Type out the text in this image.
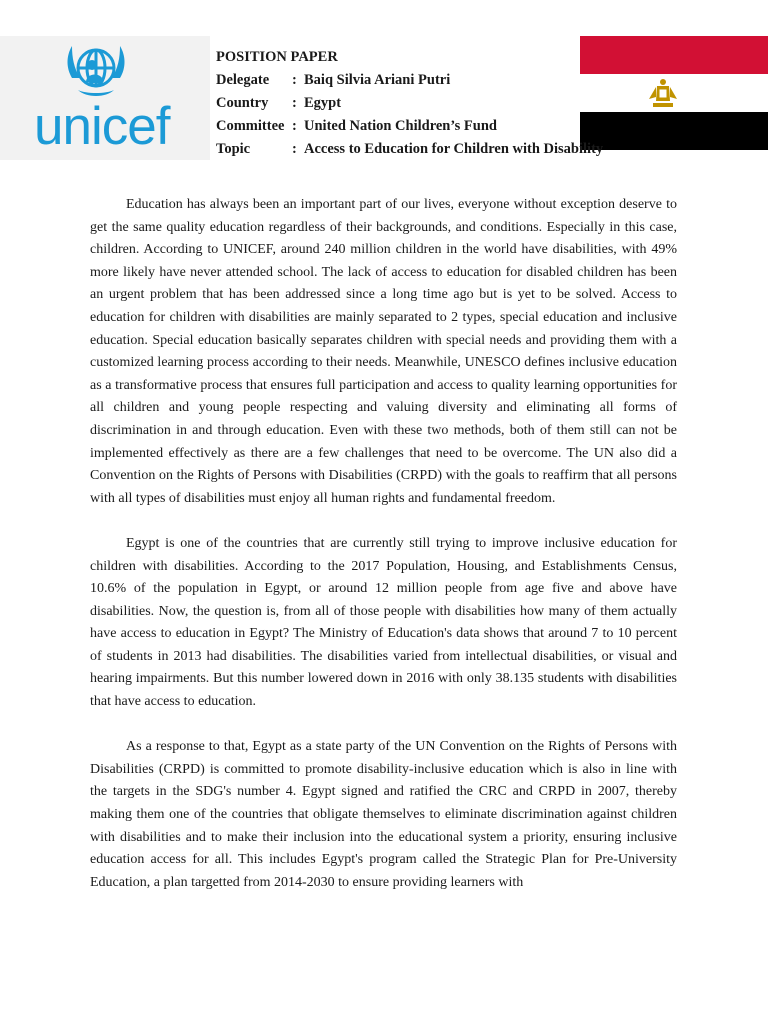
unicef
POSITION PAPER
Delegate	: Baiq Silvia Ariani Putri
Country	: Egypt
Committee : United Nation Children’s Fund
Topic	: Access to Education for Children with Disability

Education has always been an important part of our lives, everyone without exception deserve to get the same quality education regardless of their backgrounds, and conditions. Especially in this case, children. According to UNICEF, around 240 million children in the world have disabilities, with 49% more likely have never attended school. The lack of access to education for disabled children has been an urgent problem that has been addressed since a long time ago but is yet to be solved. Access to education for children with disabilities are mainly separated to 2 types, special education and inclusive education. Special education basically separates children with special needs and providing them with a customized learning process according to their needs. Meanwhile, UNESCO defines inclusive education as a transformative process that ensures full participation and access to quality learning opportunities for all children and young people respecting and valuing diversity and eliminating all forms of discrimination in and through education. Even with these two methods, both of them still can not be implemented effectively as there are a few challenges that need to be overcome. The UN also did a Convention on the Rights of Persons with Disabilities (CRPD) with the goals to reaffirm that all persons with all types of disabilities must enjoy all human rights and fundamental freedom.

Egypt is one of the countries that are currently still trying to improve inclusive education for children with disabilities. According to the 2017 Population, Housing, and Establishments Census, 10.6% of the population in Egypt, or around 12 million people from age five and above have disabilities. Now, the question is, from all of those people with disabilities how many of them actually have access to education in Egypt? The Ministry of Education's data shows that around 7 to 10 percent of students in 2013 had disabilities. The disabilities varied from intellectual disabilities, or visual and hearing impairments. But this number lowered down in 2016 with only 38.135 students with disabilities that have access to education.

As a response to that, Egypt as a state party of the UN Convention on the Rights of Persons with Disabilities (CRPD) is committed to promote disability-inclusive education which is also in line with the targets in the SDG's number 4. Egypt signed and ratified the CRC and CRPD in 2007, thereby making them one of the countries that obligate themselves to eliminate discrimination against children with disabilities and to make their inclusion into the educational system a priority, ensuring inclusive education access for all. This includes Egypt's program called the Strategic Plan for Pre-University Education, a plan targetted from 2014-2030 to ensure providing learners with
